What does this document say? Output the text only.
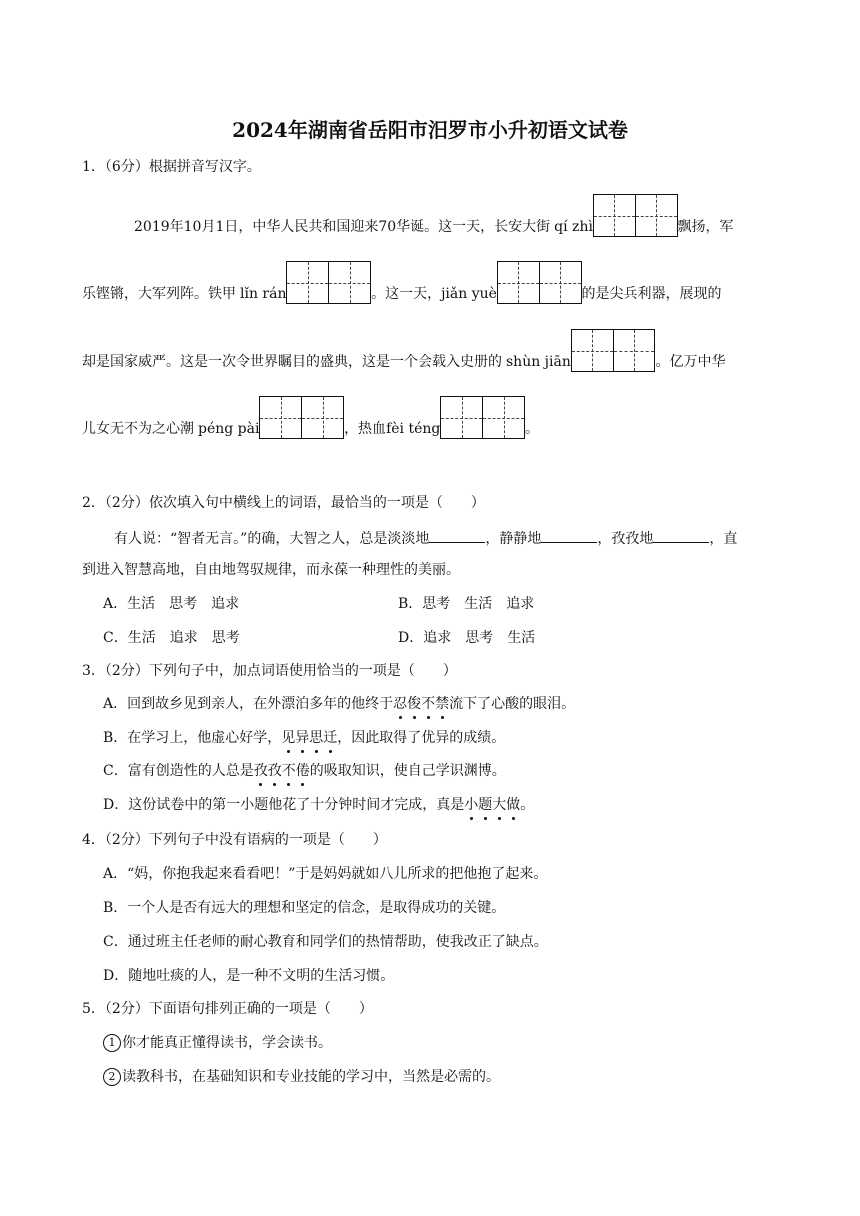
2024年湖南省岳阳市汨罗市小升初语文试卷
1．（6分）根据拼音写汉字。
2019年10月1日，中华人民共和国迎来70华诞。这一天，长安大街 qí zhì	飘扬，军
乐铿锵，大军列阵。铁甲 lǐn rán	。这一天， jiǎn yuè	的是尖兵利器，展现的
却是国家威严。这是一次令世界瞩目的盛典，这是一个会载入史册的 shùn jiān	。亿万中华
儿女无不为之心潮 péng pài	，热血 fèi téng	。
2．（2分）依次填入句中横线上的词语，最恰当的一项是（　　）
有人说：“智者无言。”的确，大智之人，总是淡淡地	，静静地	，孜孜地	，直
到进入智慧高地，自由地驾驭规律，而永葆一种理性的美丽。
A．生活　思考　追求	B．思考　生活　追求
C．生活　追求　思考	D．追求　思考　生活
3．（2分）下列句子中，加点词语使用恰当的一项是（　　）
A．回到故乡见到亲人，在外漂泊多年的他终于忍俊不禁流下了心酸的眼泪。
B．在学习上，他虚心好学，见异思迁，因此取得了优异的成绩。
C．富有创造性的人总是孜孜不倦的吸取知识，使自己学识渊博。
D．这份试卷中的第一小题他花了十分钟时间才完成，真是小题大做。
4．（2分）下列句子中没有语病的一项是（　　）
A．“妈，你抱我起来看看吧！”于是妈妈就如八儿所求的把他抱了起来。
B．一个人是否有远大的理想和坚定的信念，是取得成功的关键。
C．通过班主任老师的耐心教育和同学们的热情帮助，使我改正了缺点。
D．随地吐痰的人，是一种不文明的生活习惯。
5．（2分）下面语句排列正确的一项是（　　）
1 你才能真正懂得读书，学会读书。
2 读教科书，在基础知识和专业技能的学习中，当然是必需的。
